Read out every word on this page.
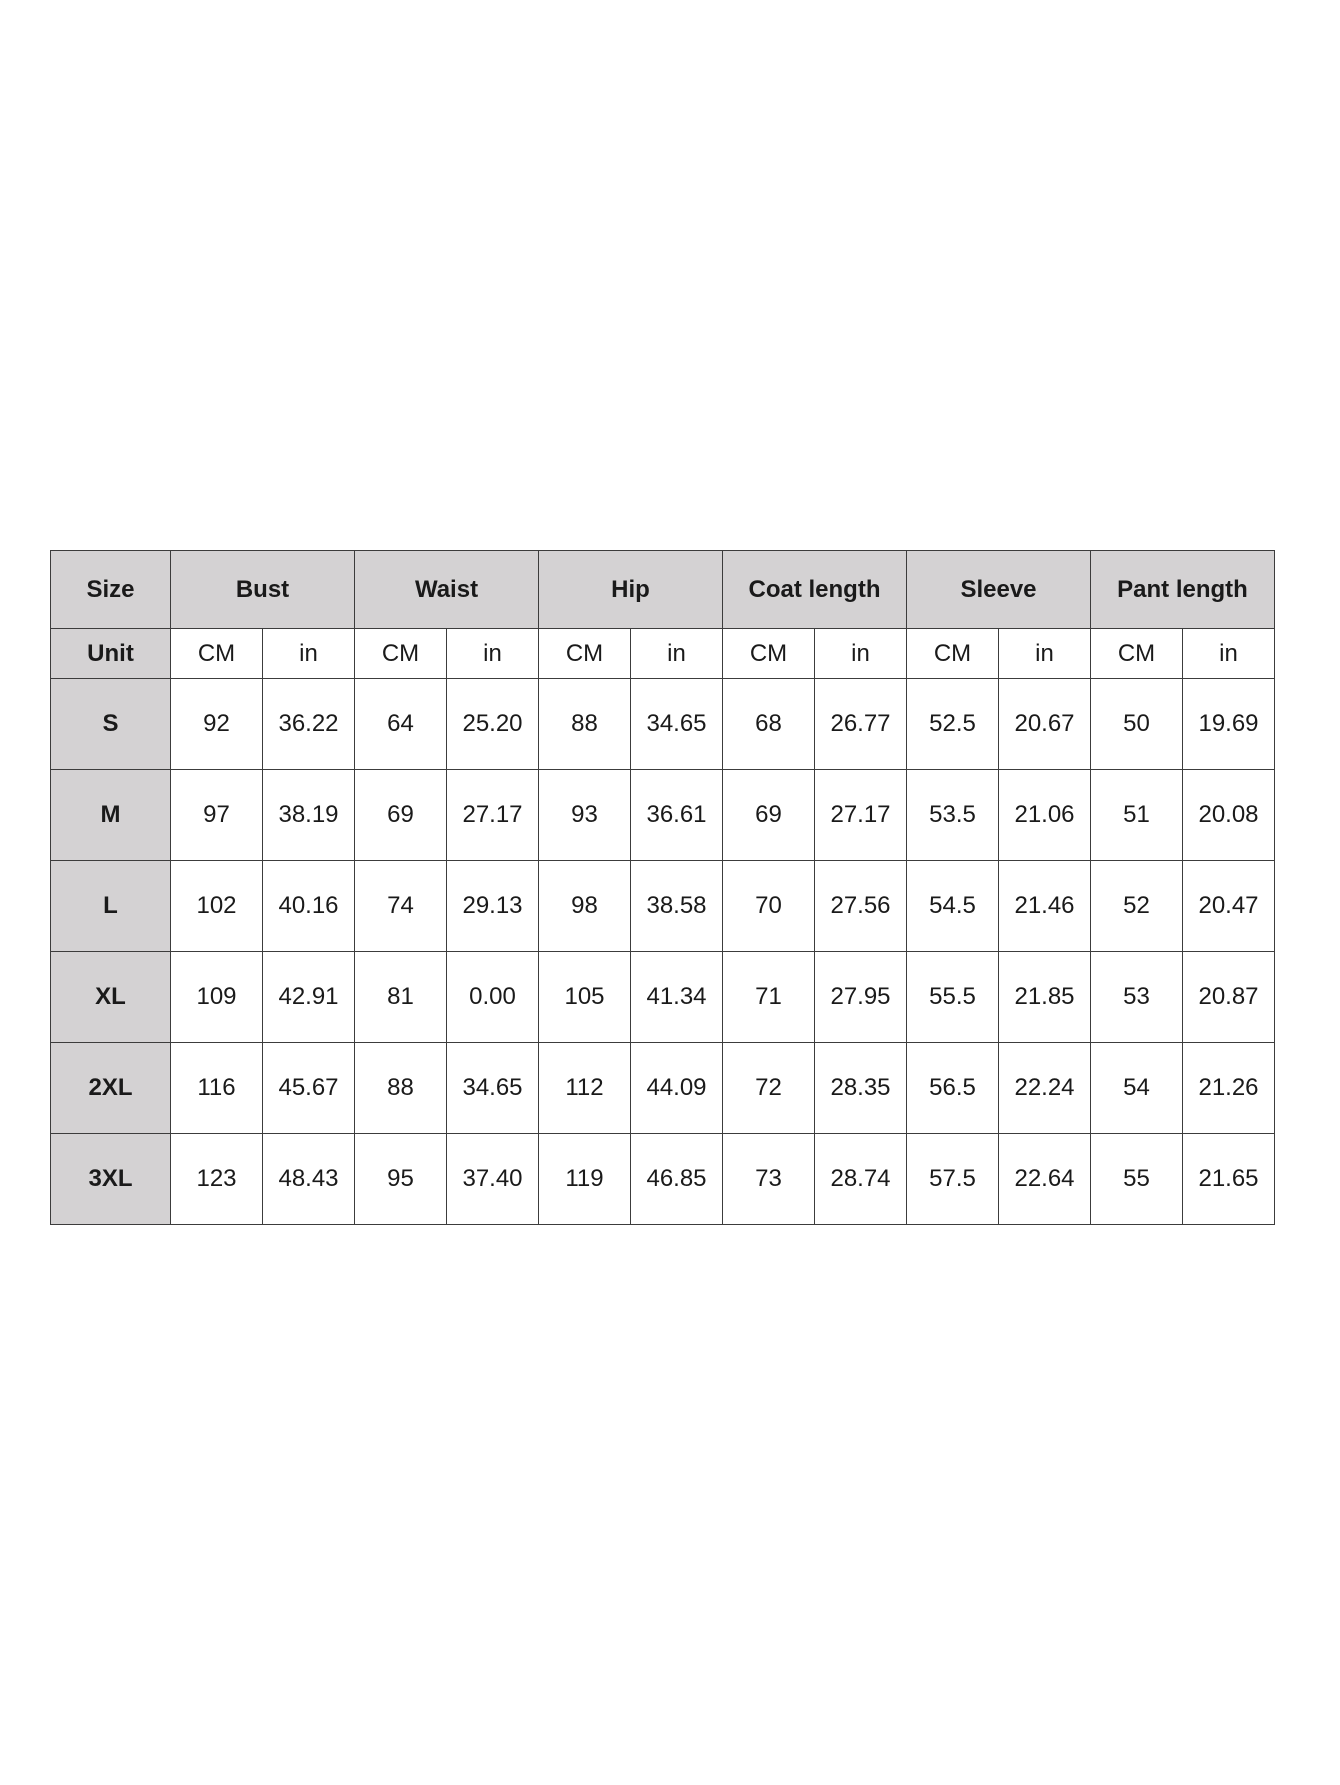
Size	Bust		Waist		Hip		Coat length		Sleeve		Pant length	
Unit	CM	in	CM	in	CM	in	CM	in	CM	in	CM	in
S	92	36.22	64	25.20	88	34.65	68	26.77	52.5	20.67	50	19.69
M	97	38.19	69	27.17	93	36.61	69	27.17	53.5	21.06	51	20.08
L	102	40.16	74	29.13	98	38.58	70	27.56	54.5	21.46	52	20.47
XL	109	42.91	81	0.00	105	41.34	71	27.95	55.5	21.85	53	20.87
2XL	116	45.67	88	34.65	112	44.09	72	28.35	56.5	22.24	54	21.26
3XL	123	48.43	95	37.40	119	46.85	73	28.74	57.5	22.64	55	21.65
